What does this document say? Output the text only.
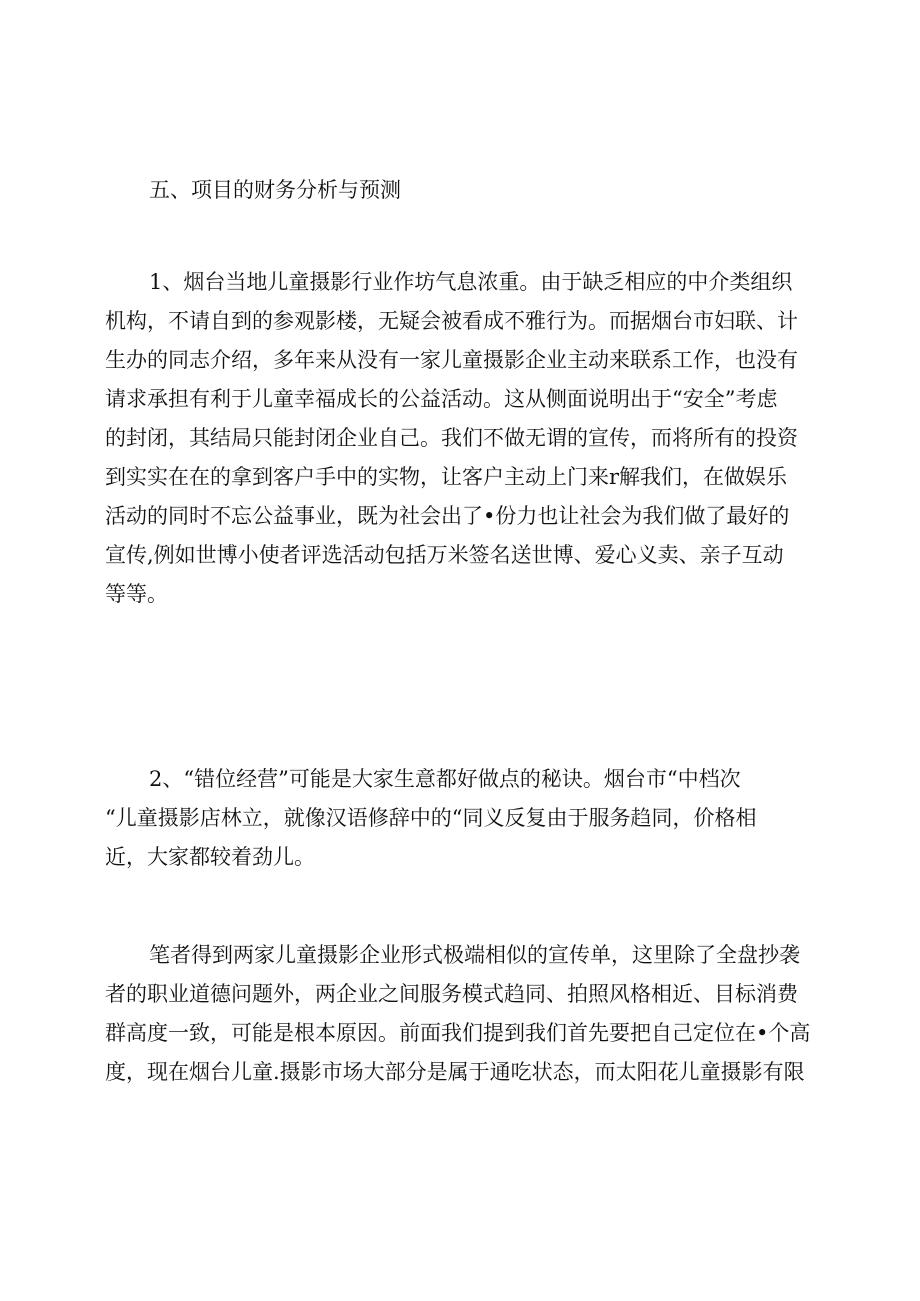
五、项目的财务分析与预测
1、烟台当地儿童摄影行业作坊气息浓重。由于缺乏相应的中介类组织
机构，不请自到的参观影楼，无疑会被看成不雅行为。而据烟台市妇联、计
生办的同志介绍，多年来从没有一家儿童摄影企业主动来联系工作，也没有
请求承担有利于儿童幸福成长的公益活动。这从侧面说明出于“安全”考虑
的封闭，其结局只能封闭企业自己。我们不做无谓的宣传，而将所有的投资
到实实在在的拿到客户手中的实物，让客户主动上门来r解我们，在做娱乐
活动的同时不忘公益事业，既为社会出了•份力也让社会为我们做了最好的
宣传,例如世博小使者评选活动包括万米签名送世博、爱心义卖、亲子互动
等等。
2、“错位经营”可能是大家生意都好做点的秘诀。烟台市“中档次
“儿童摄影店林立，就像汉语修辞中的“同义反复由于服务趋同，价格相
近，大家都较着劲儿。
笔者得到两家儿童摄影企业形式极端相似的宣传单，这里除了全盘抄袭
者的职业道德问题外，两企业之间服务模式趋同、拍照风格相近、目标消费
群高度一致，可能是根本原因。前面我们提到我们首先要把自己定位在•个高
度，现在烟台儿童.摄影市场大部分是属于通吃状态，而太阳花儿童摄影有限
